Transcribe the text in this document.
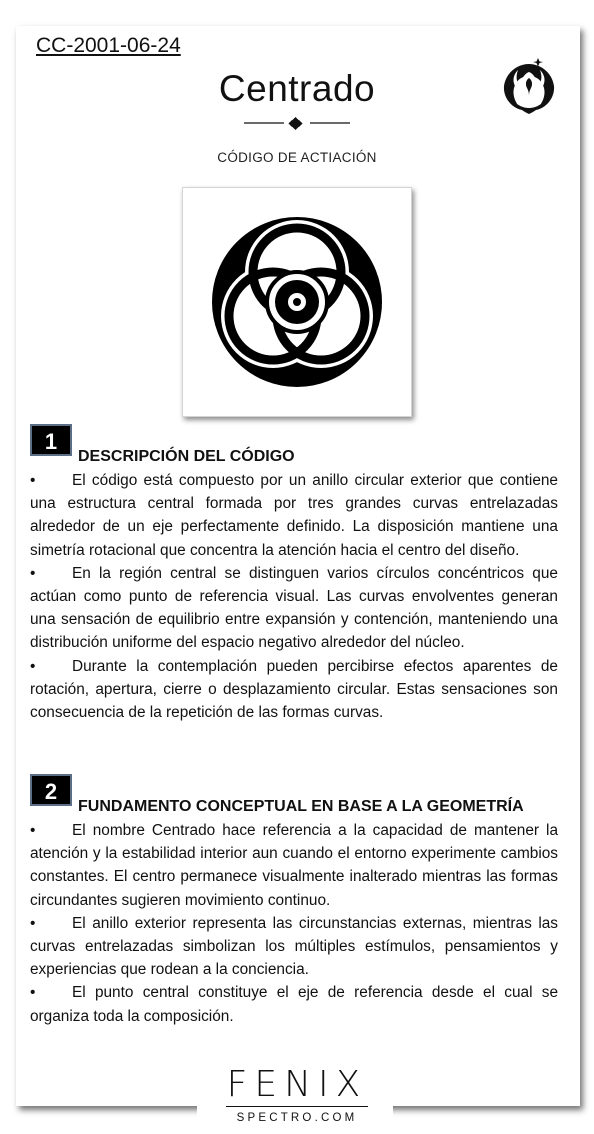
CC-2001-06-24
Centrado
CÓDIGO DE ACTIACIÓN
1
DESCRIPCIÓN DEL CÓDIGO

• El código está compuesto por un anillo circular exterior que contiene una estructura central formada por tres grandes curvas entrelazadas alrededor de un eje perfectamente definido. La disposición mantiene una simetría rotacional que concentra la atención hacia el centro del diseño.

• En la región central se distinguen varios círculos concéntricos que actúan como punto de referencia visual. Las curvas envolventes generan una sensación de equilibrio entre expansión y contención, manteniendo una distribución uniforme del espacio negativo alrededor del núcleo.

• Durante la contemplación pueden percibirse efectos aparentes de rotación, apertura, cierre o desplazamiento circular. Estas sensaciones son consecuencia de la repetición de las formas curvas.

2
FUNDAMENTO CONCEPTUAL EN BASE A LA GEOMETRÍA

• El nombre Centrado hace referencia a la capacidad de mantener la atención y la estabilidad interior aun cuando el entorno experimente cambios constantes. El centro permanece visualmente inalterado mientras las formas circundantes sugieren movimiento continuo.

• El anillo exterior representa las circunstancias externas, mientras las curvas entrelazadas simbolizan los múltiples estímulos, pensamientos y experiencias que rodean a la conciencia.

• El punto central constituye el eje de referencia desde el cual se organiza toda la composición.

FENIX
SPECTRO.COM
